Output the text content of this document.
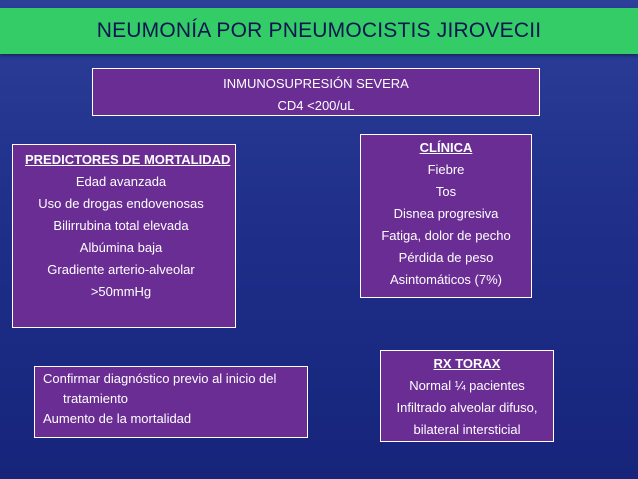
NEUMONÍA POR PNEUMOCISTIS JIROVECII
INMUNOSUPRESIÓN SEVERA
CD4 <200/uL
PREDICTORES DE MORTALIDAD
Edad avanzada
Uso de drogas endovenosas
Bilirrubina total elevada
Albúmina baja
Gradiente arterio-alveolar
>50mmHg
CLÍNICA
Fiebre
Tos
Disnea progresiva
Fatiga, dolor de pecho
Pérdida de peso
Asintomáticos (7%)
Confirmar diagnóstico previo al inicio del tratamiento
Aumento de la mortalidad
RX TORAX
Normal ¼ pacientes
Infiltrado alveolar difuso,
bilateral intersticial
